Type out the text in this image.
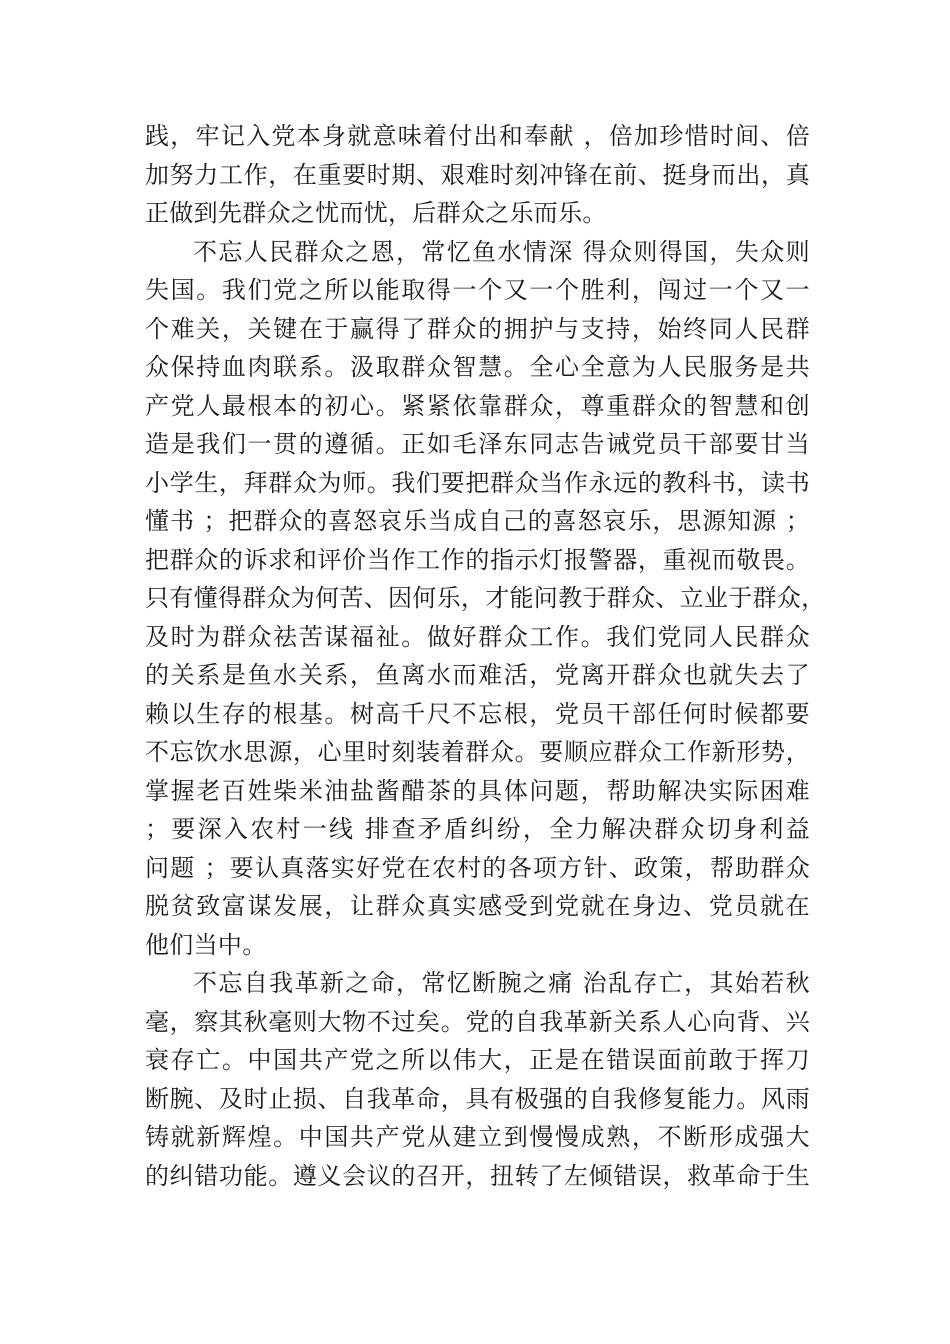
践，牢记入党本身就意味着付出和奉献 ，倍加珍惜时间、倍
加努力工作，在重要时期、艰难时刻冲锋在前、挺身而出，真
正做到先群众之忧而忧，后群众之乐而乐。
不忘人民群众之恩，常忆鱼水情深 得众则得国，失众则
失国。我们党之所以能取得一个又一个胜利，闯过一个又一
个难关，关键在于赢得了群众的拥护与支持，始终同人民群
众保持血肉联系。汲取群众智慧。全心全意为人民服务是共
产党人最根本的初心。紧紧依靠群众，尊重群众的智慧和创
造是我们一贯的遵循。正如毛泽东同志告诫党员干部要甘当
小学生，拜群众为师。我们要把群众当作永远的教科书，读书
懂书 ；把群众的喜怒哀乐当成自己的喜怒哀乐，思源知源 ；
把群众的诉求和评价当作工作的指示灯报警器，重视而敬畏。
只有懂得群众为何苦、因何乐，才能问教于群众、立业于群众，
及时为群众祛苦谋福祉。做好群众工作。我们党同人民群众
的关系是鱼水关系，鱼离水而难活，党离开群众也就失去了
赖以生存的根基。树高千尺不忘根，党员干部任何时候都要
不忘饮水思源，心里时刻装着群众。要顺应群众工作新形势，
掌握老百姓柴米油盐酱醋茶的具体问题，帮助解决实际困难
；要深入农村一线 排查矛盾纠纷，全力解决群众切身利益
问题 ；要认真落实好党在农村的各项方针、政策，帮助群众
脱贫致富谋发展，让群众真实感受到党就在身边、党员就在
他们当中。
不忘自我革新之命，常忆断腕之痛 治乱存亡，其始若秋
毫，察其秋毫则大物不过矣。党的自我革新关系人心向背、兴
衰存亡。中国共产党之所以伟大，正是在错误面前敢于挥刀
断腕、及时止损、自我革命，具有极强的自我修复能力。风雨
铸就新辉煌。中国共产党从建立到慢慢成熟，不断形成强大
的纠错功能。遵义会议的召开，扭转了左倾错误，救革命于生
